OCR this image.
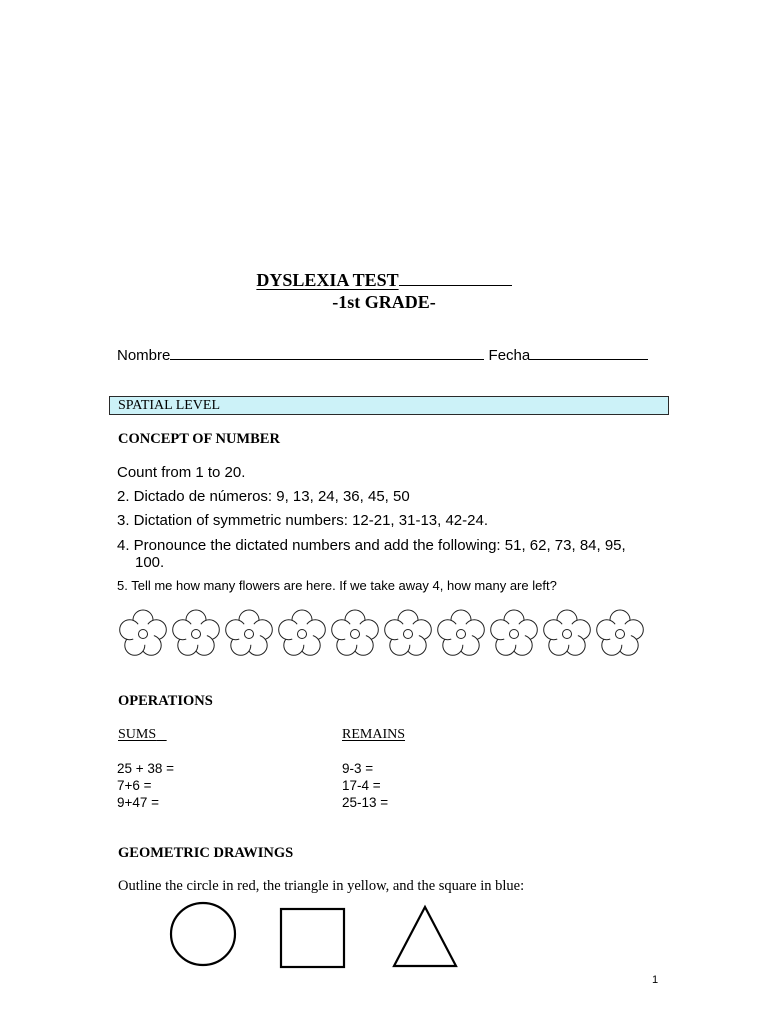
DYSLEXIA TEST
-1st GRADE-
Nombre	Fecha
SPATIAL LEVEL
CONCEPT OF NUMBER
Count from 1 to 20.
2. Dictado de números: 9, 13, 24, 36, 45, 50
3. Dictation of symmetric numbers: 12-21, 31-13, 42-24.
4. Pronounce the dictated numbers and add the following: 51, 62, 73, 84, 95,
100.
5. Tell me how many flowers are here. If we take away 4, how many are left?
OPERATIONS
SUMS
25 + 38 =
7+6 =
9+47 =
REMAINS
9-3 =
17-4 =
25-13 =
GEOMETRIC DRAWINGS
Outline the circle in red, the triangle in yellow, and the square in blue:
1
